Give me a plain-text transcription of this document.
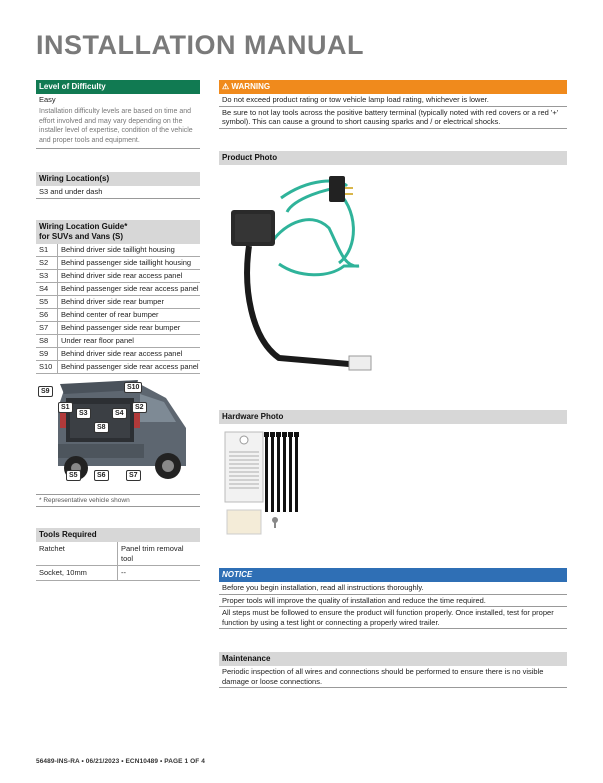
INSTALLATION MANUAL
Level of Difficulty
Easy
Installation difficulty levels are based on time and effort involved and may vary depending on the installer level of expertise, condition of the vehicle and proper tools and equipment.
Wiring Location(s)
S3 and under dash
Wiring Location Guide*
for SUVs and Vans (S)
S1	Behind driver side taillight housing
S2	Behind passenger side taillight housing
S3	Behind driver side rear access panel
S4	Behind passenger side rear access panel
S5	Behind driver side rear bumper
S6	Behind center of rear bumper
S7	Behind passenger side rear bumper
S8	Under rear floor panel
S9	Behind driver side rear access panel
S10	Behind passenger side rear access panel
S9
S10
S1
S3	S4
S2
S8
S5	S6	S7
* Representative vehicle shown
Tools Required
Ratchet	Panel trim removal tool
Socket, 10mm	--
⚠ WARNING
Do not exceed product rating or tow vehicle lamp load rating, whichever is lower.
Be sure to not lay tools across the positive battery terminal (typically noted with red covers or a red '+' symbol). This can cause a ground to short causing sparks and / or electrical shocks.
Product Photo
Hardware Photo
NOTICE
Before you begin installation, read all instructions thoroughly.
Proper tools will improve the quality of installation and reduce the time required.
All steps must be followed to ensure the product will function properly. Once installed, test for proper function by using a test light or connecting a properly wired trailer.
Maintenance
Periodic inspection of all wires and connections should be performed to ensure there is no visible damage or loose connections.
56489-INS-RA • 06/21/2023 • ECN10489 • PAGE 1 OF 4
